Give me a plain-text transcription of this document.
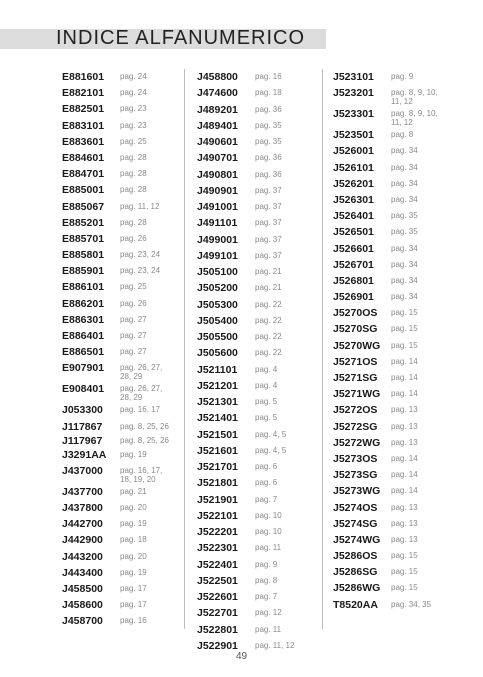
INDICE ALFANUMERICO
E881601	pag. 24
E882101	pag. 24
E882501	pag. 23
E883101	pag. 23
E883601	pag. 25
E884601	pag. 28
E884701	pag. 28
E885001	pag. 28
E885067	pag. 11, 12
E885201	pag. 28
E885701	pag. 26
E885801	pag. 23, 24
E885901	pag. 23, 24
E886101	pag. 25
E886201	pag. 26
E886301	pag. 27
E886401	pag. 27
E886501	pag. 27
E907901	pag. 26, 27, 28, 29
E908401	pag. 26, 27, 28, 29
J053300	pag. 16, 17
J117867	pag. 8, 25, 26
J117967	pag. 8, 25, 26
J3291AA	pag. 19
J437000	pag. 16, 17, 18, 19, 20
J437700	pag. 21
J437800	pag. 20
J442700	pag. 19
J442900	pag. 18
J443200	pag. 20
J443400	pag. 19
J458500	pag. 17
J458600	pag. 17
J458700	pag. 16
J458800	pag. 16
J474600	pag. 18
J489201	pag. 36
J489401	pag. 35
J490601	pag. 35
J490701	pag. 36
J490801	pag. 36
J490901	pag. 37
J491001	pag. 37
J491101	pag. 37
J499001	pag. 37
J499101	pag. 37
J505100	pag. 21
J505200	pag. 21
J505300	pag. 22
J505400	pag. 22
J505500	pag. 22
J505600	pag. 22
J521101	pag. 4
J521201	pag. 4
J521301	pag. 5
J521401	pag. 5
J521501	pag. 4, 5
J521601	pag. 4, 5
J521701	pag. 6
J521801	pag. 6
J521901	pag. 7
J522101	pag. 10
J522201	pag. 10
J522301	pag. 11
J522401	pag. 9
J522501	pag. 8
J522601	pag. 7
J522701	pag. 12
J522801	pag. 11
J522901	pag. 11, 12
J523101	pag. 9
J523201	pag. 8, 9, 10, 11, 12
J523301	pag. 8, 9, 10, 11, 12
J523501	pag. 8
J526001	pag. 34
J526101	pag. 34
J526201	pag. 34
J526301	pag. 34
J526401	pag. 35
J526501	pag. 35
J526601	pag. 34
J526701	pag. 34
J526801	pag. 34
J526901	pag. 34
J5270OS	pag. 15
J5270SG	pag. 15
J5270WG	pag. 15
J5271OS	pag. 14
J5271SG	pag. 14
J5271WG	pag. 14
J5272OS	pag. 13
J5272SG	pag. 13
J5272WG	pag. 13
J5273OS	pag. 14
J5273SG	pag. 14
J5273WG	pag. 14
J5274OS	pag. 13
J5274SG	pag. 13
J5274WG	pag. 13
J5286OS	pag. 15
J5286SG	pag. 15
J5286WG	pag. 15
T8520AA	pag. 34, 35
49
